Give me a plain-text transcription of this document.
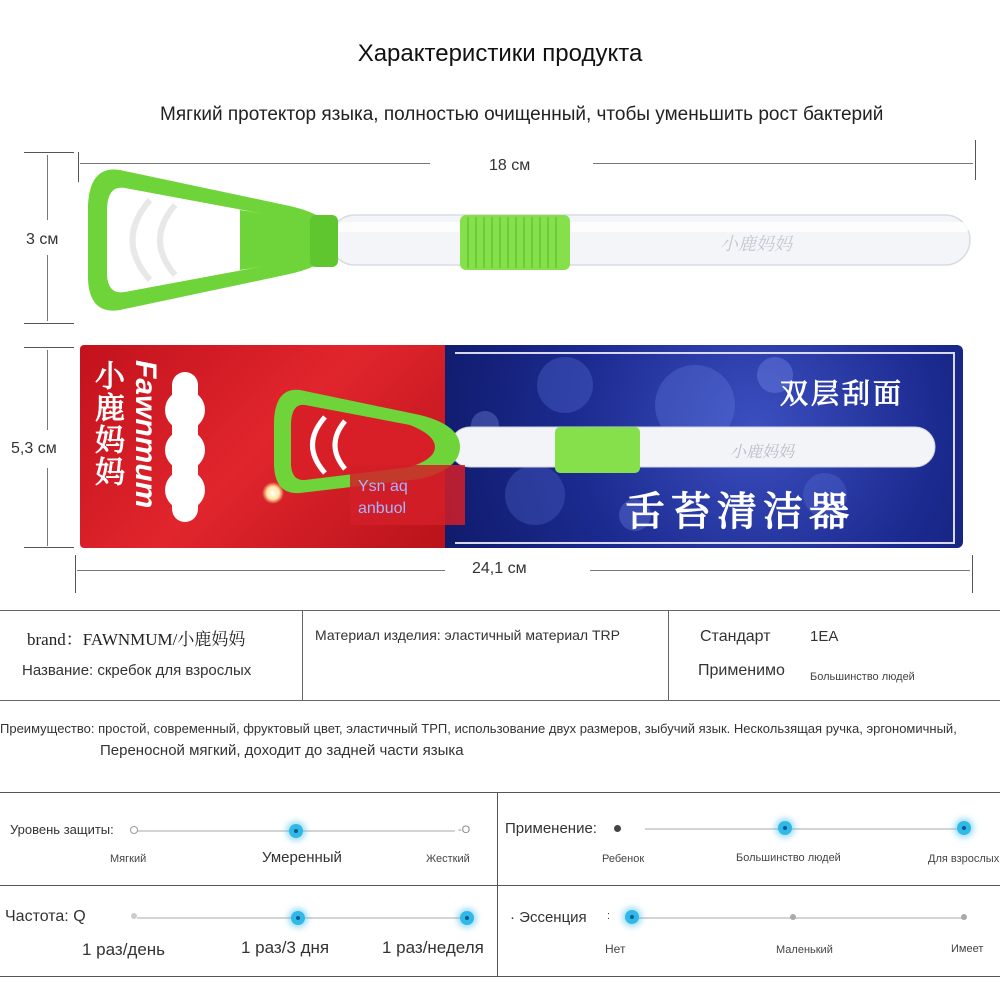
Характеристики продукта
Мягкий протектор языка, полностью очищенный, чтобы уменьшить рост бактерий
18 см
3 см	小鹿妈妈
5,3 см
24,1 см
小鹿妈妈 Fawnmum	小鹿妈妈
双层刮面
舌苔清洁器
Ysn aq
anbuol
brand：FAWNMUM/小鹿妈妈
Название: скребок для взрослых
Материал изделия: эластичный материал TRP	Стандарт	1EA
Применимо Большинство людей
Преимущество: простой, современный, фруктовый цвет, эластичный ТРП, использование двух размеров, зыбучий язык. Нескользящая ручка, эргономичный,
Переносной мягкий, доходит до задней части языка
Уровень защиты:	-O
Мягкий	Умеренный	Жесткий
Применение:
Ребенок	Большинство людей	Для взрослых
Частота: Q
1 раз/день	1 раз/3 дня	1 раз/неделя
· Эссенция :
Нет	Маленький	Имеет
